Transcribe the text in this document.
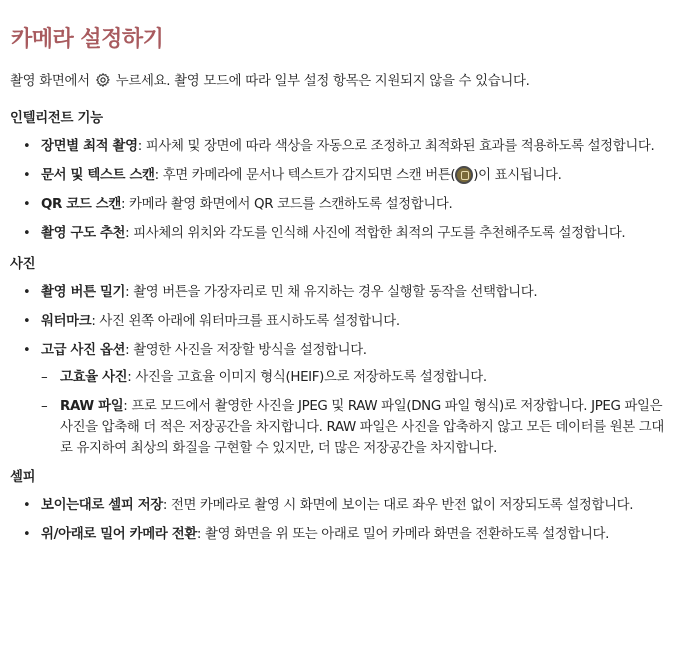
카메라 설정하기

촬영 화면에서 누르세요. 촬영 모드에 따라 일부 설정 항목은 지원되지 않을 수 있습니다.

인텔리전트 기능
• 장면별 최적 촬영: 피사체 및 장면에 따라 색상을 자동으로 조정하고 최적화된 효과를 적용하도록 설정합니다.
• 문서 및 텍스트 스캔: 후면 카메라에 문서나 텍스트가 감지되면 스캔 버튼( )이 표시됩니다.
• QR 코드 스캔: 카메라 촬영 화면에서 QR 코드를 스캔하도록 설정합니다.
• 촬영 구도 추천: 피사체의 위치와 각도를 인식해 사진에 적합한 최적의 구도를 추천해주도록 설정합니다.
사진
• 촬영 버튼 밀기: 촬영 버튼을 가장자리로 민 채 유지하는 경우 실행할 동작을 선택합니다.
• 워터마크: 사진 왼쪽 아래에 워터마크를 표시하도록 설정합니다.
• 고급 사진 옵션: 촬영한 사진을 저장할 방식을 설정합니다.
– 고효율 사진: 사진을 고효율 이미지 형식(HEIF)으로 저장하도록 설정합니다.
– RAW 파일: 프로 모드에서 촬영한 사진을 JPEG 및 RAW 파일(DNG 파일 형식)로 저장합니다. JPEG 파일은 사진을 압축해 더 적은 저장공간을 차지합니다. RAW 파일은 사진을 압축하지 않고 모든 데이터를 원본 그대로 유지하여 최상의 화질을 구현할 수 있지만, 더 많은 저장공간을 차지합니다.
셀피
• 보이는대로 셀피 저장: 전면 카메라로 촬영 시 화면에 보이는 대로 좌우 반전 없이 저장되도록 설정합니다.
• 위/아래로 밀어 카메라 전환: 촬영 화면을 위 또는 아래로 밀어 카메라 화면을 전환하도록 설정합니다.
